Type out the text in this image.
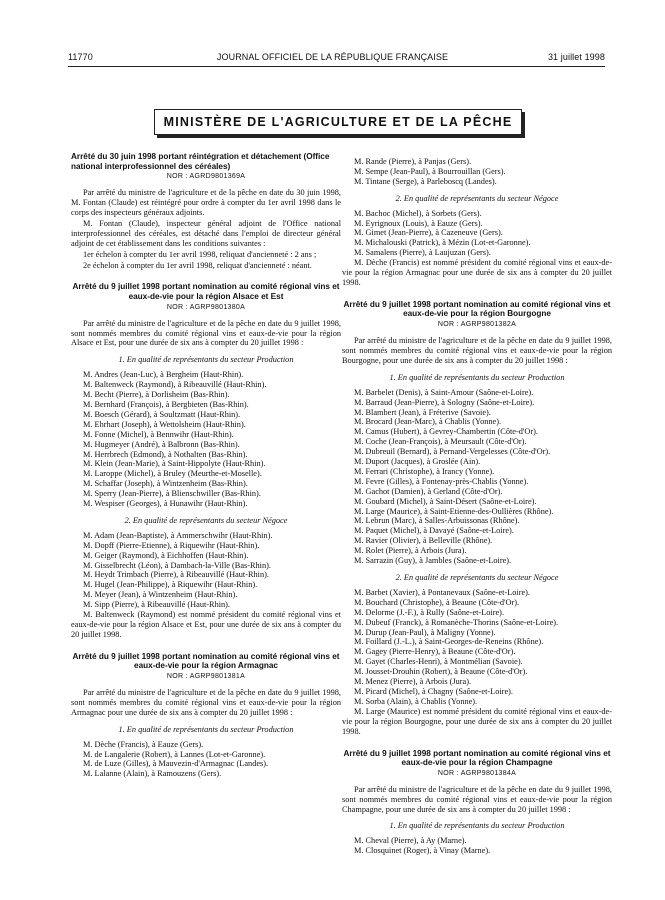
11770	JOURNAL OFFICIEL DE LA RÉPUBLIQUE FRANÇAISE	31 juillet 1998
MINISTÈRE DE L'AGRICULTURE ET DE LA PÊCHE
Arrêté du 30 juin 1998 portant réintégration et détachement (Office national interprofessionnel des céréales)
NOR : AGRD9801369A

Par arrêté du ministre de l'agriculture et de la pêche en date du 30 juin 1998, M. Fontan (Claude) est réintégré pour ordre à compter du 1er avril 1998 dans le corps des inspecteurs généraux adjoints.

M. Fontan (Claude), inspecteur général adjoint de l'Office national interprofessionnel des céréales, est détaché dans l'emploi de directeur général adjoint de cet établissement dans les conditions suivantes :

1er échelon à compter du 1er avril 1998, reliquat d'ancienneté : 2 ans ;

2e échelon à compter du 1er avril 1998, reliquat d'ancienneté : néant.

Arrêté du 9 juillet 1998 portant nomination au comité régional vins et eaux-de-vie pour la région Alsace et Est
NOR : AGRP9801380A

Par arrêté du ministre de l'agriculture et de la pêche en date du 9 juillet 1998, sont nommés membres du comité régional vins et eaux-de-vie pour la région Alsace et Est, pour une durée de six ans à compter du 20 juillet 1998 :

1. En qualité de représentants du secteur Production

M. Andres (Jean-Luc), à Bergheim (Haut-Rhin).
M. Baltenweck (Raymond), à Ribeauvillé (Haut-Rhin).
M. Becht (Pierre), à Dorlisheim (Bas-Rhin).
M. Bernhard (François), à Bergbieten (Bas-Rhin).
M. Boesch (Gérard), à Soultzmatt (Haut-Rhin).
M. Ehrhart (Joseph), à Wettolsheim (Haut-Rhin).
M. Fonne (Michel), à Bennwihr (Haut-Rhin).
M. Hugmeyer (André), à Balbronn (Bas-Rhin).
M. Herrbrech (Edmond), à Nothalten (Bas-Rhin).
M. Klein (Jean-Marie), à Saint-Hippolyte (Haut-Rhin).
M. Laroppe (Michel), à Bruley (Meurthe-et-Moselle).
M. Schaffar (Joseph), à Wintzenheim (Bas-Rhin).
M. Sperry (Jean-Pierre), à Blienschwiller (Bas-Rhin).
M. Wespiser (Georges), à Hunawihr (Haut-Rhin).

2. En qualité de représentants du secteur Négoce

M. Adam (Jean-Baptiste), à Ammerschwihr (Haut-Rhin).
M. Dopff (Pierre-Etienne), à Riquewihr (Haut-Rhin).
M. Geiger (Raymond), à Eichhoffen (Haut-Rhin).
M. Gisselbrecht (Léon), à Dambach-la-Ville (Bas-Rhin).
M. Heydt Trimbach (Pierre), à Ribeauvillé (Haut-Rhin).
M. Hugel (Jean-Philippe), à Riquewihr (Haut-Rhin).
M. Meyer (Jean), à Wintzenheim (Haut-Rhin).
M. Sipp (Pierre), à Ribeauvillé (Haut-Rhin).

M. Baltenweck (Raymond) est nommé président du comité régional vins et eaux-de-vie pour la région Alsace et Est, pour une durée de six ans à compter du 20 juillet 1998.

Arrêté du 9 juillet 1998 portant nomination au comité régional vins et eaux-de-vie pour la région Armagnac
NOR : AGRP9801381A

Par arrêté du ministre de l'agriculture et de la pêche en date du 9 juillet 1998, sont nommés membres du comité régional vins et eaux-de-vie pour la région Armagnac pour une durée de six ans à compter du 20 juillet 1998 :

1. En qualité de représentants du secteur Production

M. Dèche (Francis), à Eauze (Gers).
M. de Langalerie (Robert), à Lannes (Lot-et-Garonne).
M. de Luze (Gilles), à Mauvezin-d'Armagnac (Landes).
M. Lalanne (Alain), à Ramouzens (Gers).
M. Rande (Pierre), à Panjas (Gers).
M. Sempe (Jean-Paul), à Bourrouillan (Gers).
M. Tintane (Serge), à Parleboscq (Landes).

2. En qualité de représentants du secteur Négoce

M. Bachoc (Michel), à Sorbets (Gers).
M. Eyrignoux (Louis), à Eauze (Gers).
M. Gimet (Jean-Pierre), à Cazeneuve (Gers).
M. Michalouski (Patrick), à Mézin (Lot-et-Garonne).
M. Samalens (Pierre), à Laujuzan (Gers).

M. Dèche (Francis) est nommé président du comité régional vins et eaux-de-vie pour la région Armagnac pour une durée de six ans à compter du 20 juillet 1998.

Arrêté du 9 juillet 1998 portant nomination au comité régional vins et eaux-de-vie pour la région Bourgogne
NOR : AGRP9801382A

Par arrêté du ministre de l'agriculture et de la pêche en date du 9 juillet 1998, sont nommés membres du comité régional vins et eaux-de-vie pour la région Bourgogne, pour une durée de six ans à compter du 20 juillet 1998 :

1. En qualité de représentants du secteur Production

M. Barbelet (Denis), à Saint-Amour (Saône-et-Loire).
M. Barraud (Jean-Pierre), à Sologny (Saône-et-Loire).
M. Blambert (Jean), à Fréterive (Savoie).
M. Brocard (Jean-Marc), à Chablis (Yonne).
M. Camus (Hubert), à Gevrey-Chambertin (Côte-d'Or).
M. Coche (Jean-François), à Meursault (Côte-d'Or).
M. Dubreuil (Bernard), à Pernand-Vergelesses (Côte-d'Or).
M. Duport (Jacques), à Groslée (Ain).
M. Ferrari (Christophe), à Irancy (Yonne).
M. Fevre (Gilles), à Fontenay-près-Chablis (Yonne).
M. Gachot (Damien), à Gerland (Côte-d'Or).
M. Goubard (Michel), à Saint-Désert (Saône-et-Loire).
M. Large (Maurice), à Saint-Etienne-des-Oullières (Rhône).
M. Lebrun (Marc), à Salles-Arbuissonas (Rhône).
M. Paquet (Michel), à Davayé (Saône-et-Loire).
M. Ravier (Olivier), à Belleville (Rhône).
M. Rolet (Pierre), à Arbois (Jura).
M. Sarrazin (Guy), à Jambles (Saône-et-Loire).

2. En qualité de représentants du secteur Négoce

M. Barbet (Xavier), à Pontanevaux (Saône-et-Loire).
M. Bouchard (Christophe), à Beaune (Côte-d'Or).
M. Delorme (J.-F.), à Rully (Saône-et-Loire).
M. Dubeuf (Franck), à Romanèche-Thorins (Saône-et-Loire).
M. Durup (Jean-Paul), à Maligny (Yonne).
M. Foillard (J.-L.), à Saint-Georges-de-Reneins (Rhône).
M. Gagey (Pierre-Henry), à Beaune (Côte-d'Or).
M. Gayet (Charles-Henri), à Montmélian (Savoie).
M. Jousset-Drouhin (Robert), à Beaune (Côte-d'Or).
M. Menez (Pierre), à Arbois (Jura).
M. Picard (Michel), à Chagny (Saône-et-Loire).
M. Sorba (Alain), à Chablis (Yonne).

M. Large (Maurice) est nommé président du comité régional vins et eaux-de-vie pour la région Bourgogne, pour une durée de six ans à compter du 20 juillet 1998.

Arrêté du 9 juillet 1998 portant nomination au comité régional vins et eaux-de-vie pour la région Champagne
NOR : AGRP9801384A

Par arrêté du ministre de l'agriculture et de la pêche en date du 9 juillet 1998, sont nommés membres du comité régional vins et eaux-de-vie pour la région Champagne, pour une durée de six ans à compter du 20 juillet 1998 :

1. En qualité de représentants du secteur Production

M. Cheval (Pierre), à Ay (Marne).
M. Closquinet (Roger), à Vinay (Marne).
